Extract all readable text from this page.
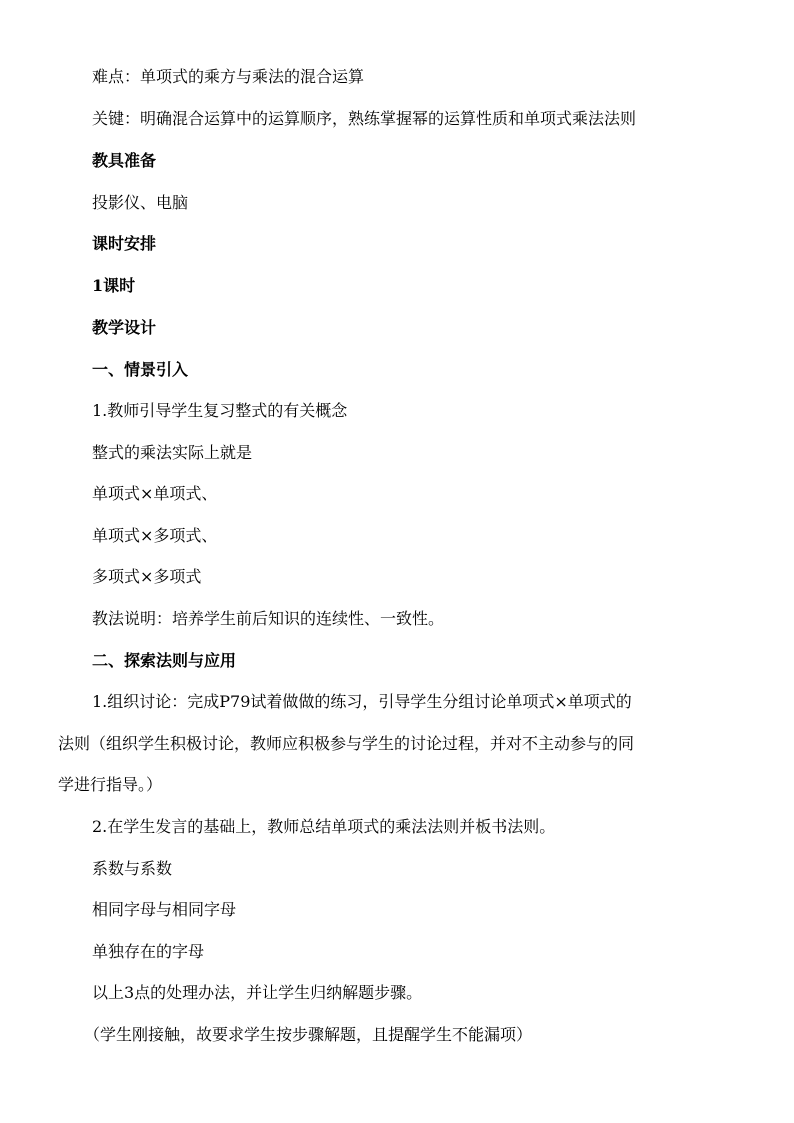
难点：单项式的乘方与乘法的混合运算
关键：明确混合运算中的运算顺序，熟练掌握幂的运算性质和单项式乘法法则
教具准备
投影仪、电脑
课时安排
1课时
教学设计
一、情景引入
1.教师引导学生复习整式的有关概念
整式的乘法实际上就是
单项式×单项式、
单项式×多项式、
多项式×多项式
教法说明：培养学生前后知识的连续性、一致性。
二、探索法则与应用
1.组织讨论：完成P79试着做做的练习，引导学生分组讨论单项式×单项式的
法则（组织学生积极讨论，教师应积极参与学生的讨论过程，并对不主动参与的同
学进行指导。）
2.在学生发言的基础上，教师总结单项式的乘法法则并板书法则。
系数与系数
相同字母与相同字母
单独存在的字母
以上3点的处理办法，并让学生归纳解题步骤。
（学生刚接触，故要求学生按步骤解题，且提醒学生不能漏项）
